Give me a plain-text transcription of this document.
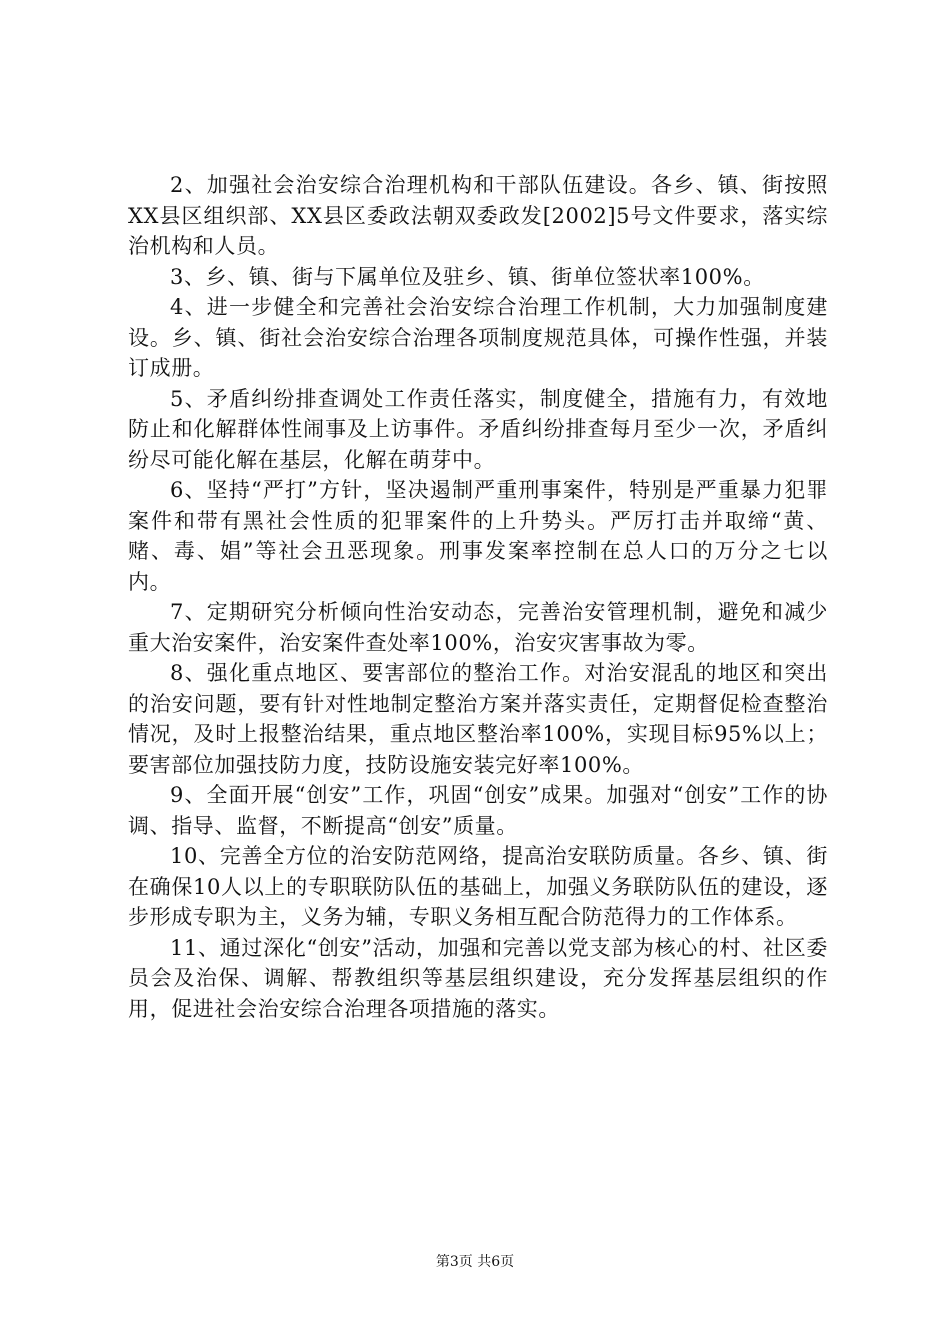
2、加强社会治安综合治理机构和干部队伍建设。各乡、镇、街按照XX县区组织部、XX县区委政法朝双委政发[2002]5号文件要求，落实综治机构和人员。

3、乡、镇、街与下属单位及驻乡、镇、街单位签状率100%。

4、进一步健全和完善社会治安综合治理工作机制，大力加强制度建设。乡、镇、街社会治安综合治理各项制度规范具体，可操作性强，并装订成册。

5、矛盾纠纷排查调处工作责任落实，制度健全，措施有力，有效地防止和化解群体性闹事及上访事件。矛盾纠纷排查每月至少一次，矛盾纠纷尽可能化解在基层，化解在萌芽中。

6、坚持“严打”方针，坚决遏制严重刑事案件，特别是严重暴力犯罪案件和带有黑社会性质的犯罪案件的上升势头。严厉打击并取缔“黄、赌、毒、娼”等社会丑恶现象。刑事发案率控制在总人口的万分之七以内。

7、定期研究分析倾向性治安动态，完善治安管理机制，避免和减少重大治安案件，治安案件查处率100%，治安灾害事故为零。

8、强化重点地区、要害部位的整治工作。对治安混乱的地区和突出的治安问题，要有针对性地制定整治方案并落实责任，定期督促检查整治情况，及时上报整治结果，重点地区整治率100%，实现目标95%以上；要害部位加强技防力度，技防设施安装完好率100%。

9、全面开展“创安”工作，巩固“创安”成果。加强对“创安”工作的协调、指导、监督，不断提高“创安”质量。

10、完善全方位的治安防范网络，提高治安联防质量。各乡、镇、街在确保10人以上的专职联防队伍的基础上，加强义务联防队伍的建设，逐步形成专职为主，义务为辅，专职义务相互配合防范得力的工作体系。

11、通过深化“创安”活动，加强和完善以党支部为核心的村、社区委员会及治保、调解、帮教组织等基层组织建设，充分发挥基层组织的作用，促进社会治安综合治理各项措施的落实。

第3页 共6页
